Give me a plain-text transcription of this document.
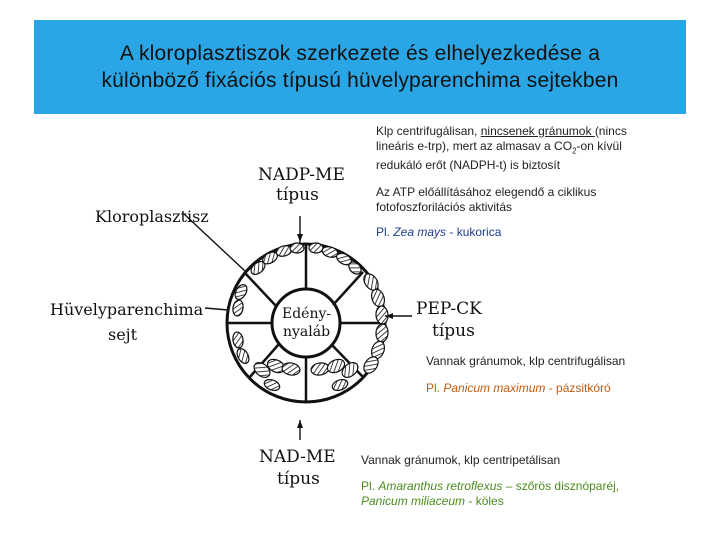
A kloroplasztiszok szerkezete és elhelyezkedése a
különböző fixációs típusú hüvelyparenchima sejtekben
Klp centrifugálisan, nincsenek gránumok (nincs
lineáris e-trp), mert az almasav a $CO_2-on$ kívül
redukáló erőt (NADPH-t) is biztosít
Az ATP előállításához elegendő a ciklikus
fotofoszforilációs aktivitás
Pl. Zea mays - kukorica
Vannak gránumok, klp centrifugálisan
Pl. Panicum maximum - pázsitkóró
Vannak gránumok, klp centripetálisan
Pl. Amaranthus retroflexus – szőrös disznóparéj,
Panicum miliaceum - köles
NADP-ME
típus
Kloroplasztisz
Hüvelyparenchima
sejt
Edény-
nyaláb
PEP-CK
típus
NAD-ME
típus
